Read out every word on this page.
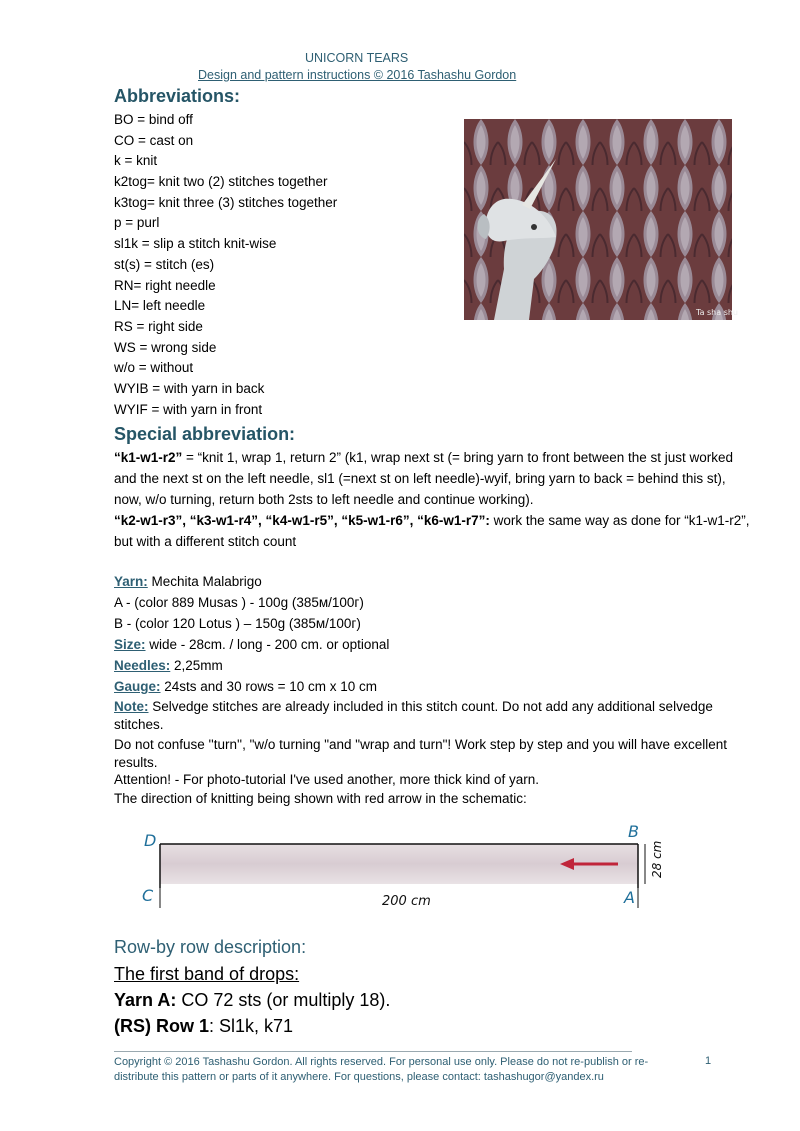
UNICORN TEARS
Design and pattern instructions © 2016 Tashashu Gordon
Abbreviations:
BO = bind off
CO = cast on
k = knit
k2tog= knit two (2) stitches together
k3tog= knit three (3) stitches together
p = purl
sl1k = slip a stitch knit-wise
st(s) = stitch (es)
RN= right needle
LN= left needle
RS = right side
WS = wrong side
w/o = without
WYIB = with yarn in back
WYIF = with yarn in front
Ta sha shu
Special abbreviation:

“k1-w1-r2” = “knit 1, wrap 1, return 2” (k1, wrap next st (= bring yarn to front between the st just worked and the next st on the left needle, sl1 (=next st on left needle)-wyif, bring yarn to back = behind this st), now, w/o turning, return both 2sts to left needle and continue working).

“k2-w1-r3”, “k3-w1-r4”, “k4-w1-r5”, “k5-w1-r6”, “k6-w1-r7”: work the same way as done for “k1-w1-r2”, but with a different stitch count

Yarn: Mechita Malabrigo
A - (color 889 Musas ) - 100g (385м/100г)
B - (color 120 Lotus ) – 150g (385м/100г)
Size: wide - 28cm. / long - 200 cm. or optional
Needles: 2,25mm
Gauge: 24sts and 30 rows = 10 cm x 10 cm

Note: Selvedge stitches are already included in this stitch count. Do not add any additional selvedge stitches.

Do not confuse ''turn'', "w/o turning "and "wrap and turn"! Work step by step and you will have excellent results.

Attention! - For photo-tutorial I've used another, more thick kind of yarn.

The direction of knitting being shown with red arrow in the schematic:

D	B
C	A
200 cm
28 cm
Row-by row description:
The first band of drops:
Yarn A: CO 72 sts (or multiply 18).
(RS) Row 1: Sl1k, k71

Copyright © 2016 Tashashu Gordon. All rights reserved. For personal use only. Please do not re-publish or re-distribute this pattern or parts of it anywhere. For questions, please contact: tashashugor@yandex.ru

1
